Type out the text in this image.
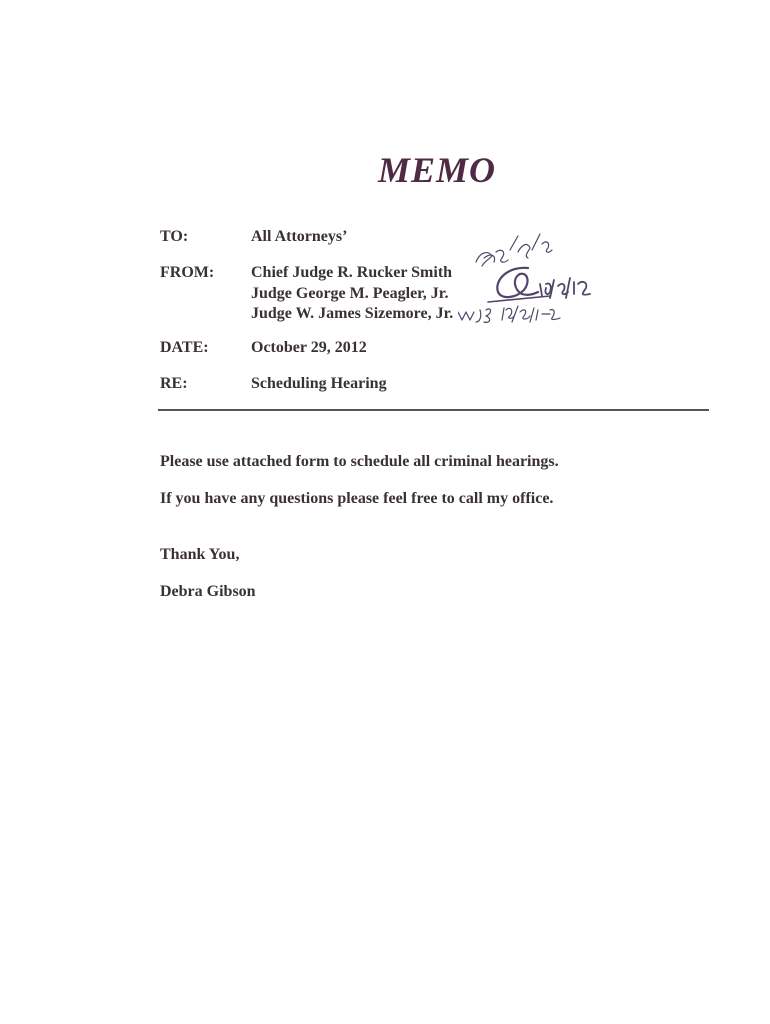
MEMO
TO:	All Attorneys’
FROM: Chief Judge R. Rucker Smith
Judge George M. Peagler, Jr.
Judge W. James Sizemore, Jr.
DATE:	October 29, 2012
RE:	Scheduling Hearing
Please use attached form to schedule all criminal hearings.
If you have any questions please feel free to call my office.
Thank You,
Debra Gibson
